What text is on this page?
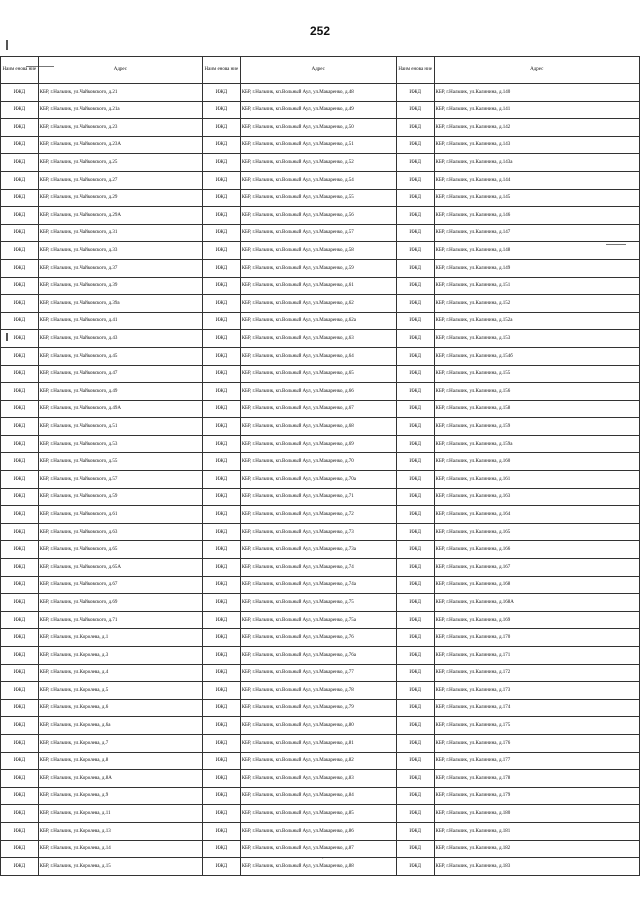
252
Наим енова ние	Адрес	Наим енова ние	Адрес	Наим енова ние	Адрес
ИЖД	КБР, г.Нальчик, ул.Чайковского, д.21	ИЖД	КБР, г.Нальчик, кп.Вольный Аул, ул.Макаренко, д.48	ИЖД	КБР, г.Нальчик, ул.Калинина, д.140
ИЖД	КБР, г.Нальчик, ул.Чайковского, д.21а	ИЖД	КБР, г.Нальчик, кп.Вольный Аул, ул.Макаренко, д.49	ИЖД	КБР, г.Нальчик, ул.Калинина, д.141
ИЖД	КБР, г.Нальчик, ул.Чайковского, д.23	ИЖД	КБР, г.Нальчик, кп.Вольный Аул, ул.Макаренко, д.50	ИЖД	КБР, г.Нальчик, ул.Калинина, д.142
ИЖД	КБР, г.Нальчик, ул.Чайковского, д.23А	ИЖД	КБР, г.Нальчик, кп.Вольный Аул, ул.Макаренко, д.51	ИЖД	КБР, г.Нальчик, ул.Калинина, д.143
ИЖД	КБР, г.Нальчик, ул.Чайковского, д.25	ИЖД	КБР, г.Нальчик, кп.Вольный Аул, ул.Макаренко, д.52	ИЖД	КБР, г.Нальчик, ул.Калинина, д.143а
ИЖД	КБР, г.Нальчик, ул.Чайковского, д.27	ИЖД	КБР, г.Нальчик, кп.Вольный Аул, ул.Макаренко, д.54	ИЖД	КБР, г.Нальчик, ул.Калинина, д.144
ИЖД	КБР, г.Нальчик, ул.Чайковского, д.29	ИЖД	КБР, г.Нальчик, кп.Вольный Аул, ул.Макаренко, д.55	ИЖД	КБР, г.Нальчик, ул.Калинина, д.145
ИЖД	КБР, г.Нальчик, ул.Чайковского, д.29А	ИЖД	КБР, г.Нальчик, кп.Вольный Аул, ул.Макаренко, д.56	ИЖД	КБР, г.Нальчик, ул.Калинина, д.146
ИЖД	КБР, г.Нальчик, ул.Чайковского, д.31	ИЖД	КБР, г.Нальчик, кп.Вольный Аул, ул.Макаренко, д.57	ИЖД	КБР, г.Нальчик, ул.Калинина, д.147
ИЖД	КБР, г.Нальчик, ул.Чайковского, д.33	ИЖД	КБР, г.Нальчик, кп.Вольный Аул, ул.Макаренко, д.58	ИЖД	КБР, г.Нальчик, ул.Калинина, д.148
ИЖД	КБР, г.Нальчик, ул.Чайковского, д.37	ИЖД	КБР, г.Нальчик, кп.Вольный Аул, ул.Макаренко, д.59	ИЖД	КБР, г.Нальчик, ул.Калинина, д.149
ИЖД	КБР, г.Нальчик, ул.Чайковского, д.39	ИЖД	КБР, г.Нальчик, кп.Вольный Аул, ул.Макаренко, д.61	ИЖД	КБР, г.Нальчик, ул.Калинина, д.151
ИЖД	КБР, г.Нальчик, ул.Чайковского, д.39а	ИЖД	КБР, г.Нальчик, кп.Вольный Аул, ул.Макаренко, д.62	ИЖД	КБР, г.Нальчик, ул.Калинина, д.152
ИЖД	КБР, г.Нальчик, ул.Чайковского, д.41	ИЖД	КБР, г.Нальчик, кп.Вольный Аул, ул.Макаренко, д.62а	ИЖД	КБР, г.Нальчик, ул.Калинина, д.152а
ИЖД	КБР, г.Нальчик, ул.Чайковского, д.43	ИЖД	КБР, г.Нальчик, кп.Вольный Аул, ул.Макаренко, д.63	ИЖД	КБР, г.Нальчик, ул.Калинина, д.153
ИЖД	КБР, г.Нальчик, ул.Чайковского, д.45	ИЖД	КБР, г.Нальчик, кп.Вольный Аул, ул.Макаренко, д.64	ИЖД	КБР, г.Нальчик, ул.Калинина, д.154б
ИЖД	КБР, г.Нальчик, ул.Чайковского, д.47	ИЖД	КБР, г.Нальчик, кп.Вольный Аул, ул.Макаренко, д.65	ИЖД	КБР, г.Нальчик, ул.Калинина, д.155
ИЖД	КБР, г.Нальчик, ул.Чайковского, д.49	ИЖД	КБР, г.Нальчик, кп.Вольный Аул, ул.Макаренко, д.66	ИЖД	КБР, г.Нальчик, ул.Калинина, д.156
ИЖД	КБР, г.Нальчик, ул.Чайковского, д.49А	ИЖД	КБР, г.Нальчик, кп.Вольный Аул, ул.Макаренко, д.67	ИЖД	КБР, г.Нальчик, ул.Калинина, д.158
ИЖД	КБР, г.Нальчик, ул.Чайковского, д.51	ИЖД	КБР, г.Нальчик, кп.Вольный Аул, ул.Макаренко, д.68	ИЖД	КБР, г.Нальчик, ул.Калинина, д.159
ИЖД	КБР, г.Нальчик, ул.Чайковского, д.53	ИЖД	КБР, г.Нальчик, кп.Вольный Аул, ул.Макаренко, д.69	ИЖД	КБР, г.Нальчик, ул.Калинина, д.159а
ИЖД	КБР, г.Нальчик, ул.Чайковского, д.55	ИЖД	КБР, г.Нальчик, кп.Вольный Аул, ул.Макаренко, д.70	ИЖД	КБР, г.Нальчик, ул.Калинина, д.160
ИЖД	КБР, г.Нальчик, ул.Чайковского, д.57	ИЖД	КБР, г.Нальчик, кп.Вольный Аул, ул.Макаренко, д.70а	ИЖД	КБР, г.Нальчик, ул.Калинина, д.161
ИЖД	КБР, г.Нальчик, ул.Чайковского, д.59	ИЖД	КБР, г.Нальчик, кп.Вольный Аул, ул.Макаренко, д.71	ИЖД	КБР, г.Нальчик, ул.Калинина, д.163
ИЖД	КБР, г.Нальчик, ул.Чайковского, д.61	ИЖД	КБР, г.Нальчик, кп.Вольный Аул, ул.Макаренко, д.72	ИЖД	КБР, г.Нальчик, ул.Калинина, д.164
ИЖД	КБР, г.Нальчик, ул.Чайковского, д.63	ИЖД	КБР, г.Нальчик, кп.Вольный Аул, ул.Макаренко, д.73	ИЖД	КБР, г.Нальчик, ул.Калинина, д.165
ИЖД	КБР, г.Нальчик, ул.Чайковского, д.65	ИЖД	КБР, г.Нальчик, кп.Вольный Аул, ул.Макаренко, д.73а	ИЖД	КБР, г.Нальчик, ул.Калинина, д.166
ИЖД	КБР, г.Нальчик, ул.Чайковского, д.65А	ИЖД	КБР, г.Нальчик, кп.Вольный Аул, ул.Макаренко, д.74	ИЖД	КБР, г.Нальчик, ул.Калинина, д.167
ИЖД	КБР, г.Нальчик, ул.Чайковского, д.67	ИЖД	КБР, г.Нальчик, кп.Вольный Аул, ул.Макаренко, д.74а	ИЖД	КБР, г.Нальчик, ул.Калинина, д.168
ИЖД	КБР, г.Нальчик, ул.Чайковского, д.69	ИЖД	КБР, г.Нальчик, кп.Вольный Аул, ул.Макаренко, д.75	ИЖД	КБР, г.Нальчик, ул.Калинина, д.168А
ИЖД	КБР, г.Нальчик, ул.Чайковского, д.71	ИЖД	КБР, г.Нальчик, кп.Вольный Аул, ул.Макаренко, д.75а	ИЖД	КБР, г.Нальчик, ул.Калинина, д.169
ИЖД	КБР, г.Нальчик, ул.Королева, д.1	ИЖД	КБР, г.Нальчик, кп.Вольный Аул, ул.Макаренко, д.76	ИЖД	КБР, г.Нальчик, ул.Калинина, д.170
ИЖД	КБР, г.Нальчик, ул.Королева, д.3	ИЖД	КБР, г.Нальчик, кп.Вольный Аул, ул.Макаренко, д.76а	ИЖД	КБР, г.Нальчик, ул.Калинина, д.171
ИЖД	КБР, г.Нальчик, ул.Королева, д.4	ИЖД	КБР, г.Нальчик, кп.Вольный Аул, ул.Макаренко, д.77	ИЖД	КБР, г.Нальчик, ул.Калинина, д.172
ИЖД	КБР, г.Нальчик, ул.Королева, д.5	ИЖД	КБР, г.Нальчик, кп.Вольный Аул, ул.Макаренко, д.78	ИЖД	КБР, г.Нальчик, ул.Калинина, д.173
ИЖД	КБР, г.Нальчик, ул.Королева, д.6	ИЖД	КБР, г.Нальчик, кп.Вольный Аул, ул.Макаренко, д.79	ИЖД	КБР, г.Нальчик, ул.Калинина, д.174
ИЖД	КБР, г.Нальчик, ул.Королева, д.6а	ИЖД	КБР, г.Нальчик, кп.Вольный Аул, ул.Макаренко, д.80	ИЖД	КБР, г.Нальчик, ул.Калинина, д.175
ИЖД	КБР, г.Нальчик, ул.Королева, д.7	ИЖД	КБР, г.Нальчик, кп.Вольный Аул, ул.Макаренко, д.81	ИЖД	КБР, г.Нальчик, ул.Калинина, д.176
ИЖД	КБР, г.Нальчик, ул.Королева, д.8	ИЖД	КБР, г.Нальчик, кп.Вольный Аул, ул.Макаренко, д.82	ИЖД	КБР, г.Нальчик, ул.Калинина, д.177
ИЖД	КБР, г.Нальчик, ул.Королева, д.8А	ИЖД	КБР, г.Нальчик, кп.Вольный Аул, ул.Макаренко, д.83	ИЖД	КБР, г.Нальчик, ул.Калинина, д.178
ИЖД	КБР, г.Нальчик, ул.Королева, д.9	ИЖД	КБР, г.Нальчик, кп.Вольный Аул, ул.Макаренко, д.84	ИЖД	КБР, г.Нальчик, ул.Калинина, д.179
ИЖД	КБР, г.Нальчик, ул.Королева, д.11	ИЖД	КБР, г.Нальчик, кп.Вольный Аул, ул.Макаренко, д.85	ИЖД	КБР, г.Нальчик, ул.Калинина, д.180
ИЖД	КБР, г.Нальчик, ул.Королева, д.13	ИЖД	КБР, г.Нальчик, кп.Вольный Аул, ул.Макаренко, д.86	ИЖД	КБР, г.Нальчик, ул.Калинина, д.181
ИЖД	КБР, г.Нальчик, ул.Королева, д.14	ИЖД	КБР, г.Нальчик, кп.Вольный Аул, ул.Макаренко, д.87	ИЖД	КБР, г.Нальчик, ул.Калинина, д.182
ИЖД	КБР, г.Нальчик, ул.Королева, д.15	ИЖД	КБР, г.Нальчик, кп.Вольный Аул, ул.Макаренко, д.88	ИЖД	КБР, г.Нальчик, ул.Калинина, д.183
·
